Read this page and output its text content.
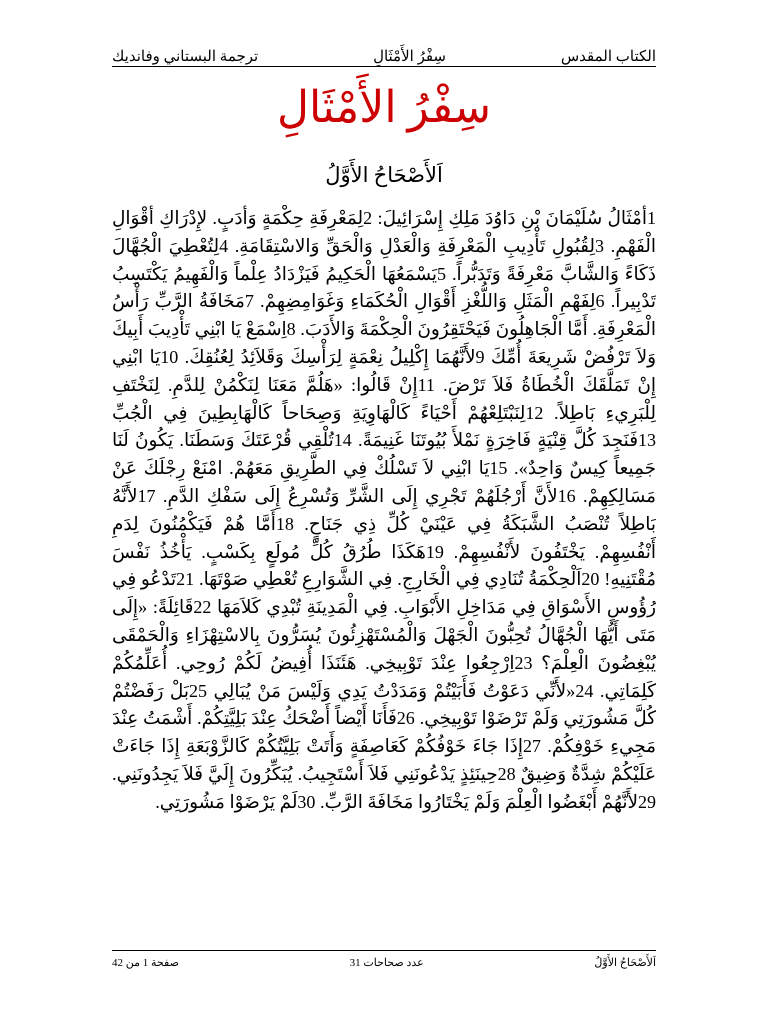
الكتاب المقدس
سِفْرُ الأَمْثَالِ
ترجمة البستاني وفانديك
سِفْرُ الأَمْثَالِ
اَلأَصْحَاحُ الأَوَّلُ
1أَمْثَالُ سُلَيْمَانَ بْنِ دَاوُدَ مَلِكِ إِسْرَائِيلَ: 2لِمَعْرِفَةِ حِكْمَةٍ وَأَدَبٍ. لإِدْرَاكِ أَقْوَالِ الْفَهْمِ. 3لِقُبُولِ تَأْدِيبِ الْمَعْرِفَةِ وَالْعَدْلِ وَالْحَقِّ وَالاسْتِقَامَةِ. 4لِتُعْطِيَ الْجُهَّالَ ذَكَاءً وَالشَّابَّ مَعْرِفَةً وَتَدَبُّراً. 5يَسْمَعُهَا الْحَكِيمُ فَيَزْدَادُ عِلْماً وَالْفَهِيمُ يَكْتَسِبُ تَدْبِيراً. 6لِفَهْمِ الْمَثَلِ وَاللُّغْزِ أَقْوَالِ الْحُكَمَاءِ وَغَوَامِضِهِمْ. 7مَخَافَةُ الرَّبِّ رَأْسُ الْمَعْرِفَةِ. أَمَّا الْجَاهِلُونَ فَيَحْتَقِرُونَ الْحِكْمَةَ وَالأَدَبَ. 8اِسْمَعْ يَا ابْنِي تَأْدِيبَ أَبِيكَ وَلاَ تَرْفُضْ شَرِيعَةَ أُمِّكَ 9لأَنَّهُمَا إِكْلِيلُ نِعْمَةٍ لِرَأْسِكَ وَقَلاَئِدُ لِعُنُقِكَ. 10يَا ابْنِي إِنْ تَمَلَّقَكَ الْخُطَاةُ فَلاَ تَرْضَ. 11إِنْ قَالُوا: «هَلُمَّ مَعَنَا لِنَكْمُنْ لِلدَّمِ. لِنَخْتَفِ لِلْبَرِيءِ بَاطِلاً. 12لِنَبْتَلِعْهُمْ أَحْيَاءً كَالْهَاوِيَةِ وَصِحَاحاً كَالْهَابِطِينَ فِي الْجُبِّ 13فَنَجِدَ كُلَّ قِنْيَةٍ فَاخِرَةٍ نَمْلأَ بُيُوتَنَا غَنِيمَةً. 14تُلْقِي قُرْعَتَكَ وَسَطَنَا. يَكُونُ لَنَا جَمِيعاً كِيسٌ وَاحِدٌ». 15يَا ابْنِي لاَ تَسْلُكْ فِي الطَّرِيقِ مَعَهُمْ. امْنَعْ رِجْلَكَ عَنْ مَسَالِكِهِمْ. 16لأَنَّ أَرْجُلَهُمْ تَجْرِي إِلَى الشَّرِّ وَتُسْرِعُ إِلَى سَفْكِ الدَّمِ. 17لأَنَّهُ بَاطِلاً تُنْصَبُ الشَّبَكَةُ فِي عَيْنَيْ كُلِّ ذِي جَنَاحٍ. 18أَمَّا هُمْ فَيَكْمُنُونَ لِدَمِ أَنْفُسِهِمْ. يَخْتَفُونَ لأَنْفُسِهِمْ. 19هَكَذَا طُرُقُ كُلِّ مُولَعٍ بِكَسْبٍ. يَأْخُذُ نَفْسَ مُقْتَنِيهِ! 20اَلْحِكْمَةُ تُنَادِي فِي الْخَارِجِ. فِي الشَّوَارِعِ تُعْطِي صَوْتَهَا. 21تَدْعُو فِي رُؤُوسِ الأَسْوَاقِ فِي مَدَاخِلِ الأَبْوَابِ. فِي الْمَدِينَةِ تُبْدِي كَلاَمَهَا 22قَائِلَةً: «إِلَى مَتَى أَيُّهَا الْجُهَّالُ تُحِبُّونَ الْجَهْلَ وَالْمُسْتَهْزِئُونَ يُسَرُّونَ بِالاسْتِهْزَاءِ وَالْحَمْقَى يُبْغِضُونَ الْعِلْمَ؟ 23اِرْجِعُوا عِنْدَ تَوْبِيخِي. هَئَنَذَا أُفِيضُ لَكُمْ رُوحِي. أُعَلِّمُكُمْ كَلِمَاتِي. 24«لأَنِّي دَعَوْتُ فَأَبَيْتُمْ وَمَدَدْتُ يَدِي وَلَيْسَ مَنْ يُبَالِي 25بَلْ رَفَضْتُمْ كُلَّ مَشُورَتِي وَلَمْ تَرْضَوْا تَوْبِيخِي. 26فَأَنَا أَيْضاً أَضْحَكُ عِنْدَ بَلِيَّتِكُمْ. أَشْمَتُ عِنْدَ مَجِيءِ خَوْفِكُمْ. 27إِذَا جَاءَ خَوْفُكُمْ كَعَاصِفَةٍ وَأَتَتْ بَلِيَّتُكُمْ كَالزَّوْبَعَةِ إِذَا جَاءَتْ عَلَيْكُمْ شِدَّةٌ وَضِيقٌ 28حِينَئِذٍ يَدْعُونَنِي فَلاَ أَسْتَجِيبُ. يُبَكِّرُونَ إِلَيَّ فَلاَ يَجِدُونَنِي. 29لأَنَّهُمْ أَبْغَضُوا الْعِلْمَ وَلَمْ يَخْتَارُوا مَخَافَةَ الرَّبِّ. 30لَمْ يَرْضَوْا مَشُورَتِي.
اَلأَصْحَاحُ الأَوَّلُ
عدد صحاحات 31
صفحة 1 من 42
